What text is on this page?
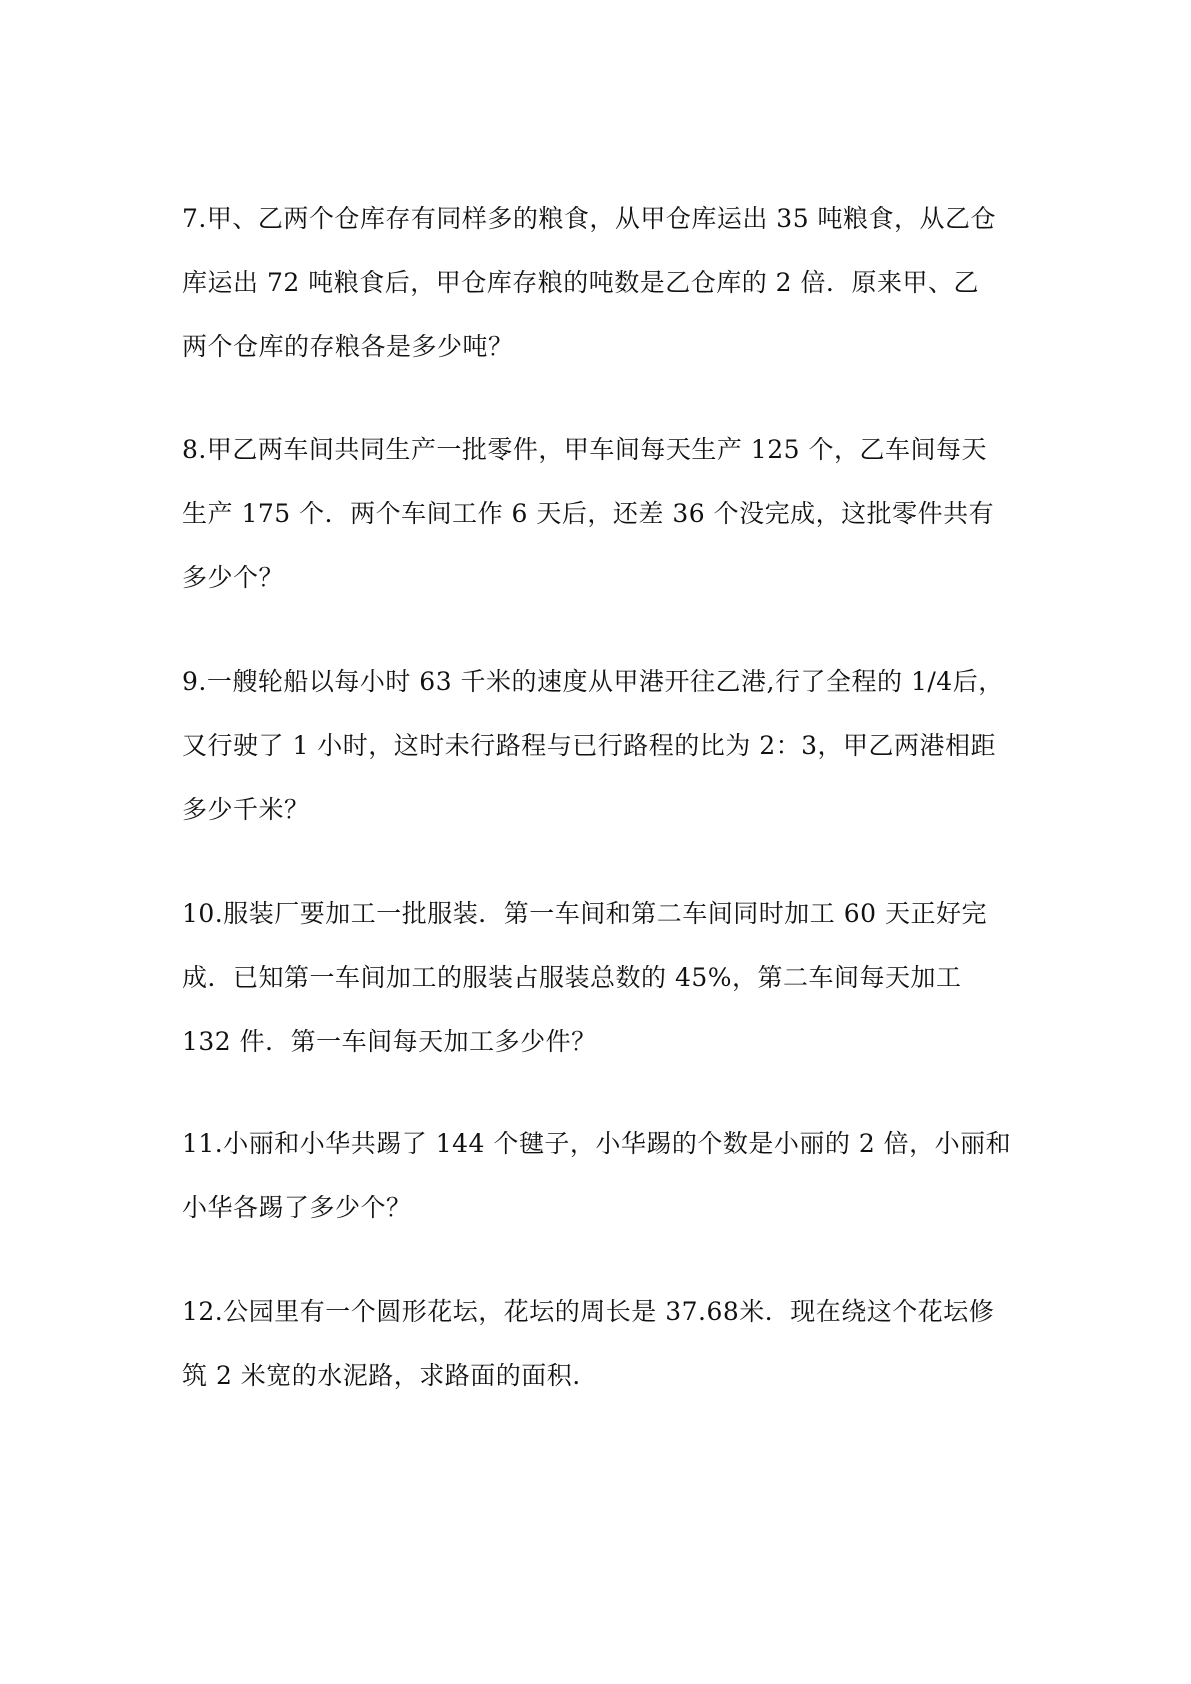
7.甲、乙两个仓库存有同样多的粮食，从甲仓库运出 35 吨粮食，从乙仓
库运出 72 吨粮食后，甲仓库存粮的吨数是乙仓库的 2 倍．原来甲、乙
两个仓库的存粮各是多少吨？
8.甲乙两车间共同生产一批零件，甲车间每天生产 125 个，乙车间每天
生产 175 个．两个车间工作 6 天后，还差 36 个没完成，这批零件共有
多少个？
9.一艘轮船以每小时 63 千米的速度从甲港开往乙港,行了全程的 1/4后，
又行驶了 1 小时，这时未行路程与已行路程的比为 2：3，甲乙两港相距
多少千米？
10.服装厂要加工一批服装．第一车间和第二车间同时加工 60 天正好完
成．已知第一车间加工的服装占服装总数的 45%，第二车间每天加工
132 件．第一车间每天加工多少件？
11.小丽和小华共踢了 144 个毽子，小华踢的个数是小丽的 2 倍，小丽和
小华各踢了多少个？
12.公园里有一个圆形花坛，花坛的周长是 37.68米．现在绕这个花坛修
筑 2 米宽的水泥路，求路面的面积.
